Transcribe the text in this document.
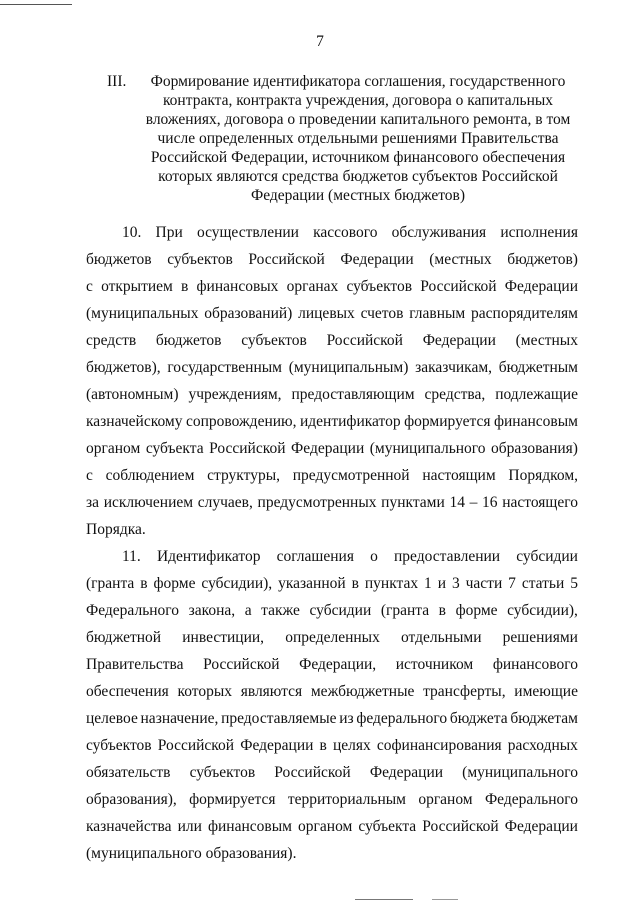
7
III.	Формирование идентификатора соглашения, государственного
контракта, контракта учреждения, договора о капитальных
вложениях, договора о проведении капитального ремонта, в том
числе определенных отдельными решениями Правительства
Российской Федерации, источником финансового обеспечения
которых являются средства бюджетов субъектов Российской
Федерации (местных бюджетов)
10. При осуществлении кассового обслуживания исполнения
бюджетов субъектов Российской Федерации (местных бюджетов)
с открытием в финансовых органах субъектов Российской Федерации
(муниципальных образований) лицевых счетов главным распорядителям
средств бюджетов субъектов Российской Федерации (местных
бюджетов), государственным (муниципальным) заказчикам, бюджетным
(автономным) учреждениям, предоставляющим средства, подлежащие
казначейскому сопровождению, идентификатор формируется финансовым
органом субъекта Российской Федерации (муниципального образования)
с соблюдением структуры, предусмотренной настоящим Порядком,
за исключением случаев, предусмотренных пунктами 14 – 16 настоящего
Порядка.
11. Идентификатор соглашения о предоставлении субсидии
(гранта в форме субсидии), указанной в пунктах 1 и 3 части 7 статьи 5
Федерального закона, а также субсидии (гранта в форме субсидии),
бюджетной инвестиции, определенных отдельными решениями
Правительства Российской Федерации, источником финансового
обеспечения которых являются межбюджетные трансферты, имеющие
целевое назначение, предоставляемые из федерального бюджета бюджетам
субъектов Российской Федерации в целях софинансирования расходных
обязательств субъектов Российской Федерации (муниципального
образования), формируется территориальным органом Федерального
казначейства или финансовым органом субъекта Российской Федерации
(муниципального образования).
